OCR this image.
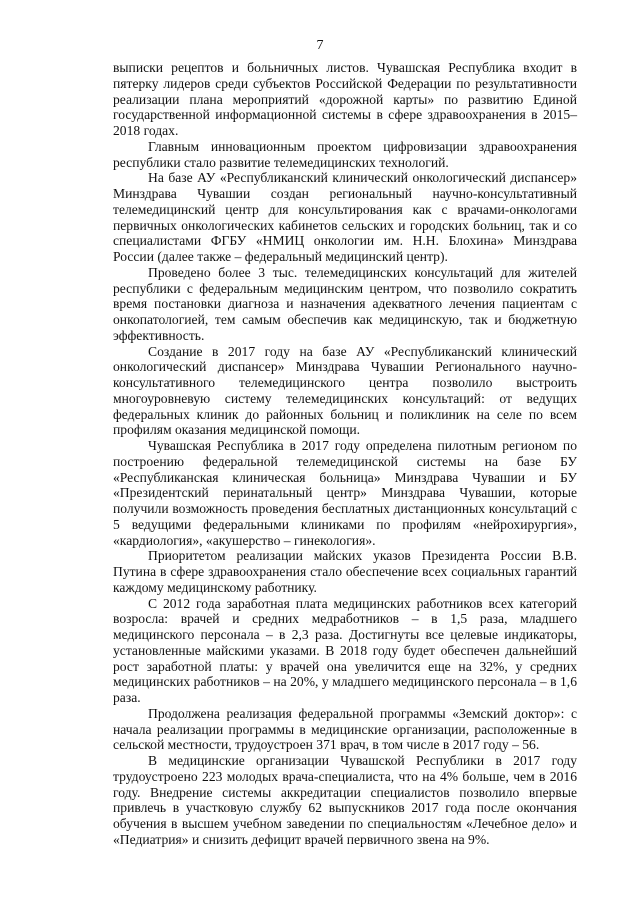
7

выписки рецептов и больничных листов. Чувашская Республика входит в пятерку лидеров среди субъектов Российской Федерации по результативности реализации плана мероприятий «дорожной карты» по развитию Единой государственной информационной системы в сфере здравоохранения в 2015–2018 годах.

Главным инновационным проектом цифровизации здравоохранения республики стало развитие телемедицинских технологий.

На базе АУ «Республиканский клинический онкологический диспансер» Минздрава Чувашии создан региональный научно-консультативный телемедицинский центр для консультирования как с врачами-онкологами первичных онкологических кабинетов сельских и городских больниц, так и со специалистами ФГБУ «НМИЦ онкологии им. Н.Н. Блохина» Минздрава России (далее также – федеральный медицинский центр).

Проведено более 3 тыс. телемедицинских консультаций для жителей республики с федеральным медицинским центром, что позволило сократить время постановки диагноза и назначения адекватного лечения пациентам с онкопатологией, тем самым обеспечив как медицинскую, так и бюджетную эффективность.

Создание в 2017 году на базе АУ «Республиканский клинический онкологический диспансер» Минздрава Чувашии Регионального научно-консультативного телемедицинского центра позволило выстроить многоуровневую систему телемедицинских консультаций: от ведущих федеральных клиник до районных больниц и поликлиник на селе по всем профилям оказания медицинской помощи.

Чувашская Республика в 2017 году определена пилотным регионом по построению федеральной телемедицинской системы на базе БУ «Республиканская клиническая больница» Минздрава Чувашии и БУ «Президентский перинатальный центр» Минздрава Чувашии, которые получили возможность проведения бесплатных дистанционных консультаций с 5 ведущими федеральными клиниками по профилям «нейрохирургия», «кардиология», «акушерство – гинекология».

Приоритетом реализации майских указов Президента России В.В. Путина в сфере здравоохранения стало обеспечение всех социальных гарантий каждому медицинскому работнику.

С 2012 года заработная плата медицинских работников всех категорий возросла: врачей и средних медработников – в 1,5 раза, младшего медицинского персонала – в 2,3 раза. Достигнуты все целевые индикаторы, установленные майскими указами. В 2018 году будет обеспечен дальнейший рост заработной платы: у врачей она увеличится еще на 32%, у средних медицинских работников – на 20%, у младшего медицинского персонала – в 1,6 раза.

Продолжена реализация федеральной программы «Земский доктор»: с начала реализации программы в медицинские организации, расположенные в сельской местности, трудоустроен 371 врач, в том числе в 2017 году – 56.

В медицинские организации Чувашской Республики в 2017 году трудоустроено 223 молодых врача-специалиста, что на 4% больше, чем в 2016 году. Внедрение системы аккредитации специалистов позволило впервые привлечь в участковую службу 62 выпускников 2017 года после окончания обучения в высшем учебном заведении по специальностям «Лечебное дело» и «Педиатрия» и снизить дефицит врачей первичного звена на 9%.
